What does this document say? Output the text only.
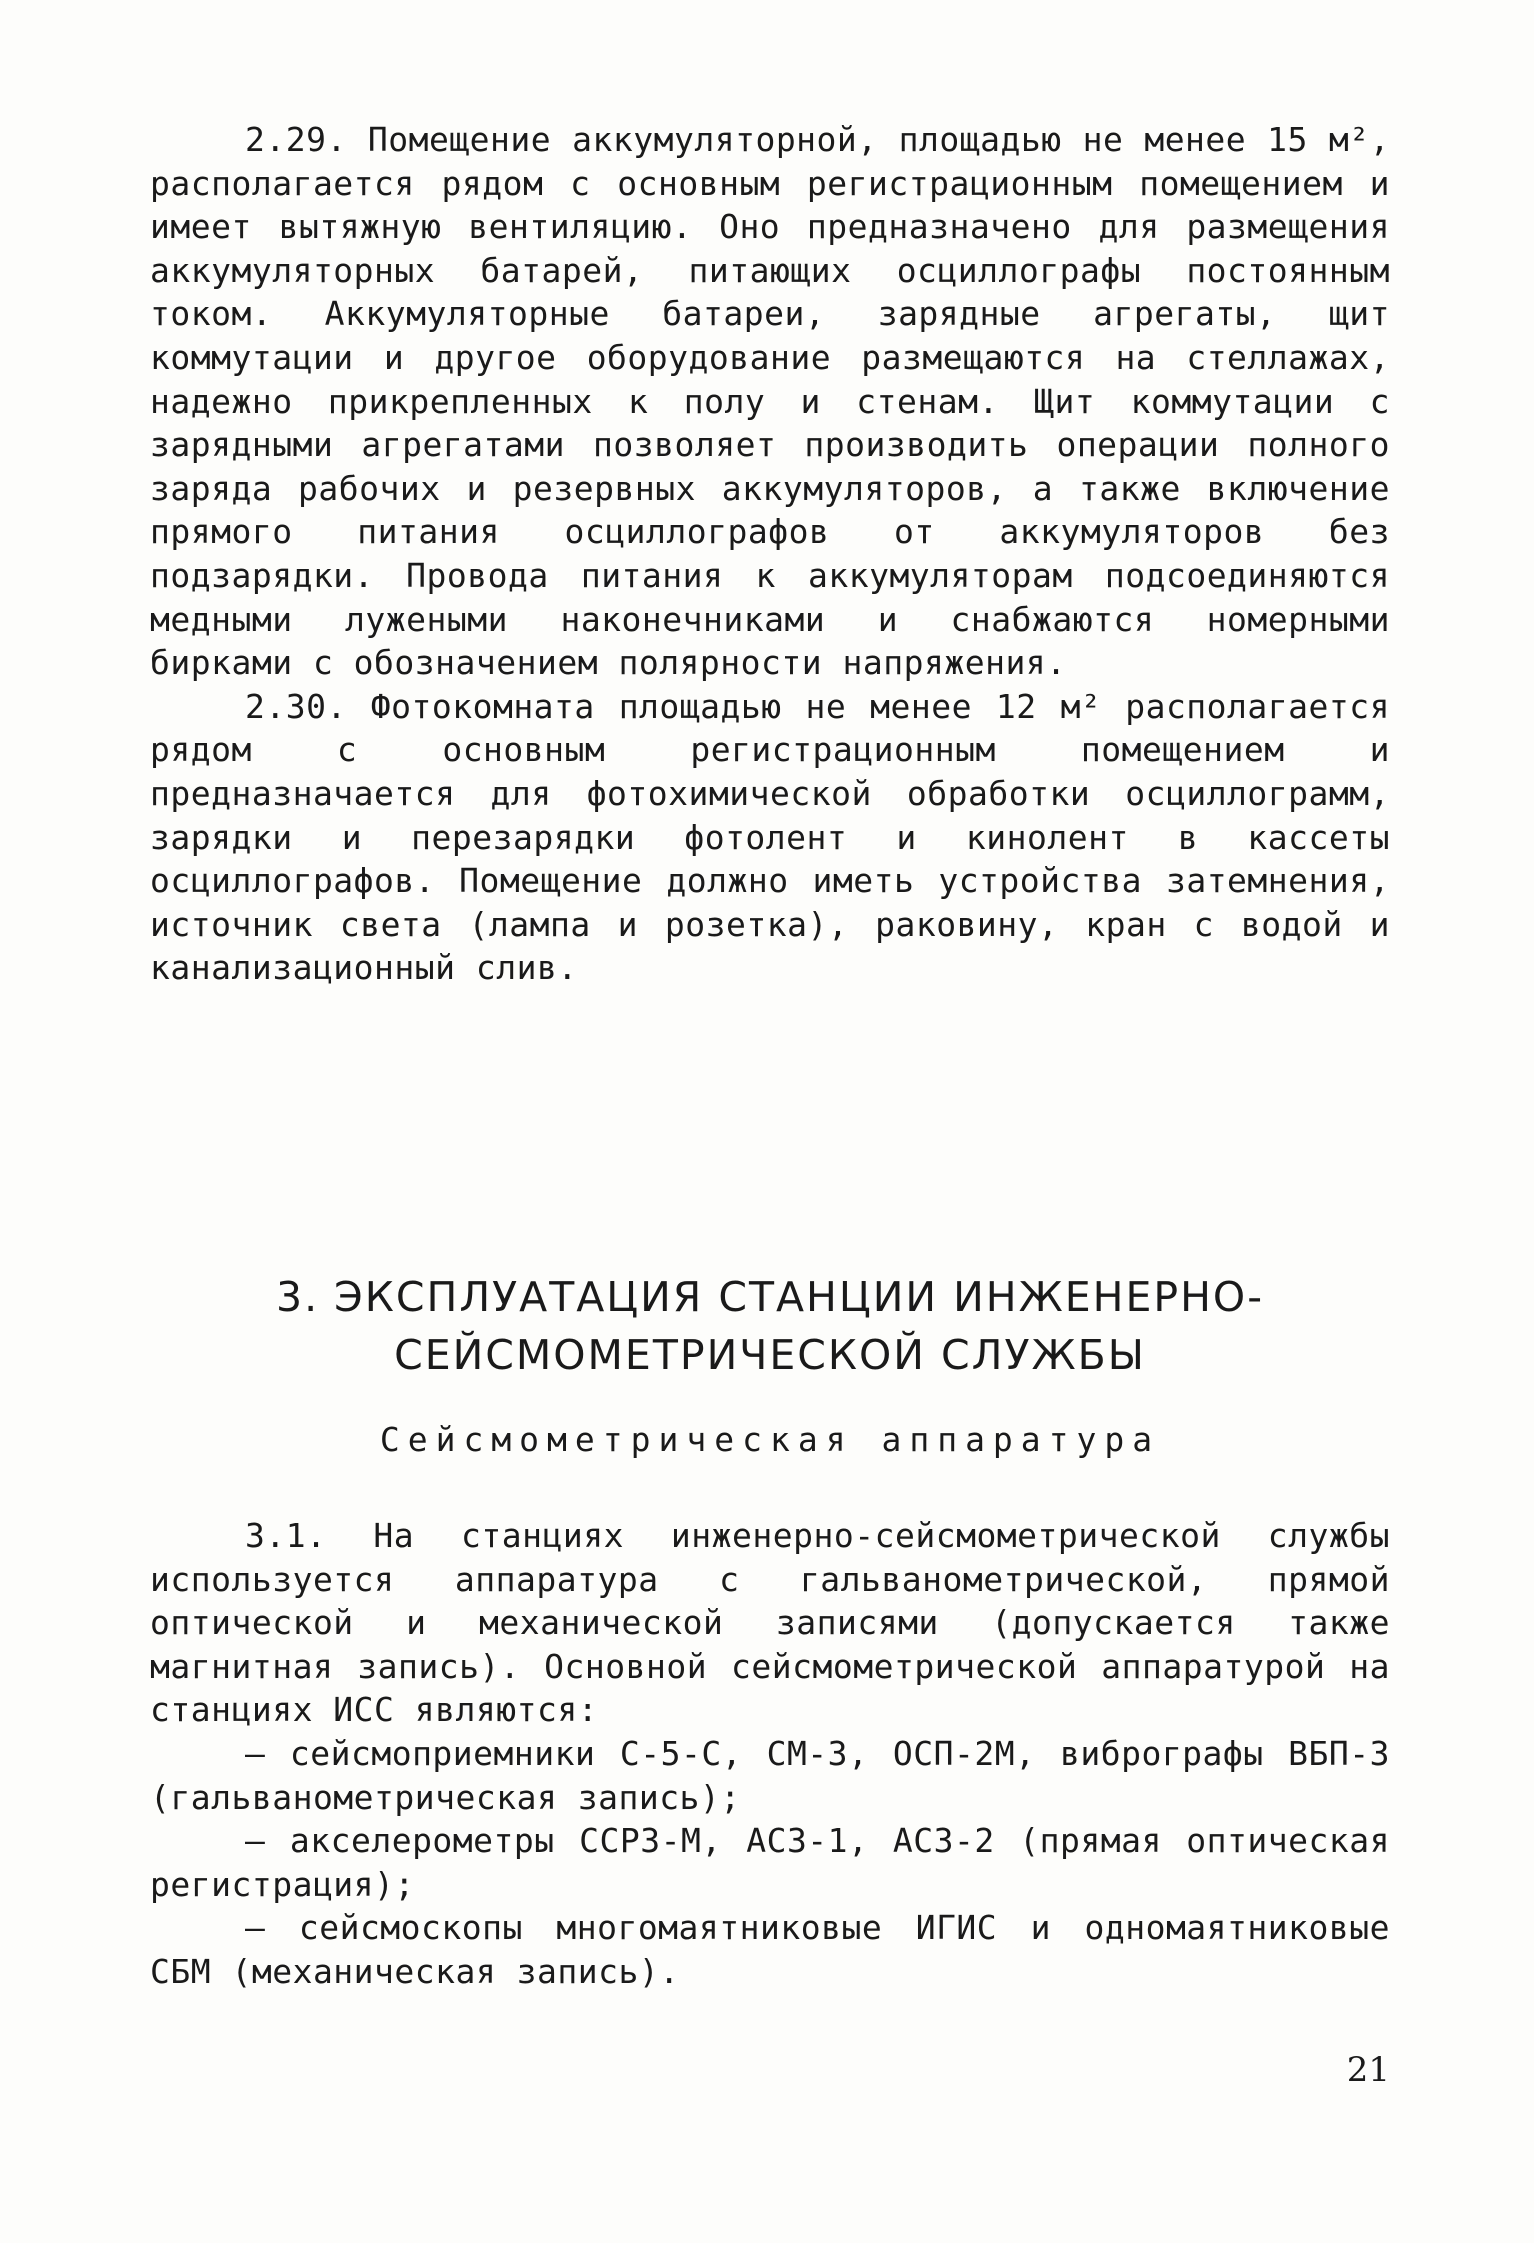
2.29. Помещение аккумуляторной, площадью не менее 15 м², располагается рядом с основным регистрационным помещением и имеет вытяжную вентиляцию. Оно предназначено для размещения аккумуляторных батарей, питающих осциллографы постоянным током. Аккумуляторные батареи, зарядные агрегаты, щит коммутации и другое оборудование размещаются на стеллажах, надежно прикрепленных к полу и стенам. Щит коммутации с зарядными агрегатами позволяет производить операции полного заряда рабочих и резервных аккумуляторов, а также включение прямого питания осциллографов от аккумуляторов без подзарядки. Провода питания к аккумуляторам подсоединяются медными лужеными наконечниками и снабжаются номерными бирками с обозначением полярности напряжения.

2.30. Фотокомната площадью не менее 12 м² располагается рядом с основным регистрационным помещением и предназначается для фотохимической обработки осциллограмм, зарядки и перезарядки фотолент и кинолент в кассеты осциллографов. Помещение должно иметь устройства затемнения, источник света (лампа и розетка), раковину, кран с водой и канализационный слив.

3. ЭКСПЛУАТАЦИЯ СТАНЦИИ ИНЖЕНЕРНО-

СЕЙСМОМЕТРИЧЕСКОЙ СЛУЖБЫ

Сейсмометрическая аппаратура

3.1. На станциях инженерно-сейсмометрической службы используется аппаратура с гальванометрической, прямой оптической и механической записями (допускается также магнитная запись). Основной сейсмометрической аппаратурой на станциях ИСС являются:

– сейсмоприемники С-5-С, СМ-3, ОСП-2М, вибрографы ВБП-3 (гальванометрическая запись);

– акселерометры ССРЗ-М, АСЗ-1, АСЗ-2 (прямая оптическая регистрация);

– сейсмоскопы многомаятниковые ИГИС и одномаятниковые СБМ (механическая запись).

21
